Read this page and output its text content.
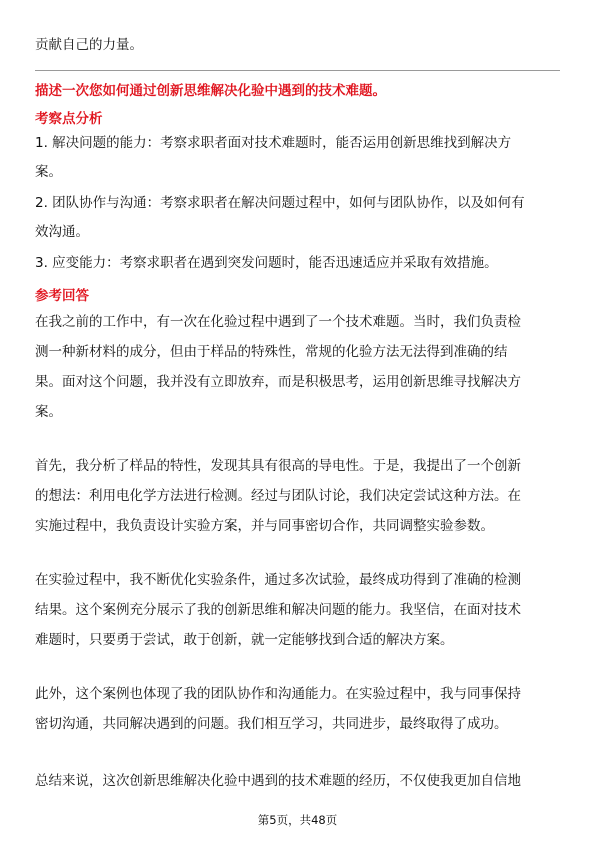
贡献自己的力量。
描述一次您如何通过创新思维解决化验中遇到的技术难题。
考察点分析
1. 解决问题的能力：考察求职者面对技术难题时，能否运用创新思维找到解决方
案。
2. 团队协作与沟通：考察求职者在解决问题过程中，如何与团队协作，以及如何有
效沟通。
3. 应变能力：考察求职者在遇到突发问题时，能否迅速适应并采取有效措施。
参考回答
在我之前的工作中，有一次在化验过程中遇到了一个技术难题。当时，我们负责检
测一种新材料的成分，但由于样品的特殊性，常规的化验方法无法得到准确的结
果。面对这个问题，我并没有立即放弃，而是积极思考，运用创新思维寻找解决方
案。
首先，我分析了样品的特性，发现其具有很高的导电性。于是，我提出了一个创新
的想法：利用电化学方法进行检测。经过与团队讨论，我们决定尝试这种方法。在
实施过程中，我负责设计实验方案，并与同事密切合作，共同调整实验参数。
在实验过程中，我不断优化实验条件，通过多次试验，最终成功得到了准确的检测
结果。这个案例充分展示了我的创新思维和解决问题的能力。我坚信，在面对技术
难题时，只要勇于尝试，敢于创新，就一定能够找到合适的解决方案。
此外，这个案例也体现了我的团队协作和沟通能力。在实验过程中，我与同事保持
密切沟通，共同解决遇到的问题。我们相互学习，共同进步，最终取得了成功。
总结来说，这次创新思维解决化验中遇到的技术难题的经历，不仅使我更加自信地
第5页，共48页
